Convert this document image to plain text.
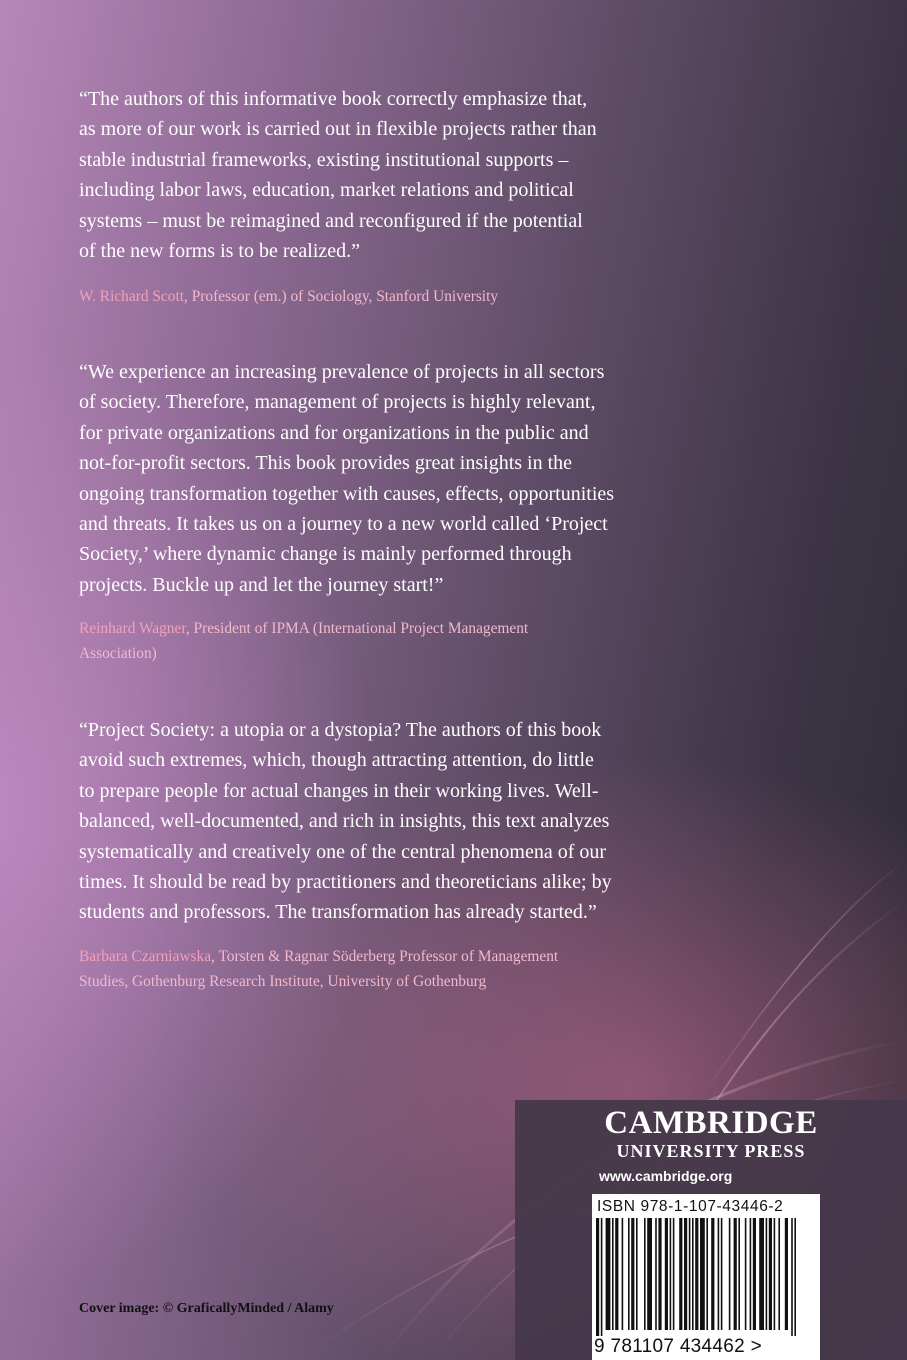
“The authors of this informative book correctly emphasize that,
as more of our work is carried out in flexible projects rather than
stable industrial frameworks, existing institutional supports –
including labor laws, education, market relations and political
systems – must be reimagined and reconfigured if the potential
of the new forms is to be realized.”

W. Richard Scott, Professor (em.) of Sociology, Stanford University

“We experience an increasing prevalence of projects in all sectors
of society. Therefore, management of projects is highly relevant,
for private organizations and for organizations in the public and
not-for-profit sectors. This book provides great insights in the
ongoing transformation together with causes, effects, opportunities
and threats. It takes us on a journey to a new world called ‘Project
Society,’ where dynamic change is mainly performed through
projects. Buckle up and let the journey start!”

Reinhard Wagner, President of IPMA (International Project Management
Association)

“Project Society: a utopia or a dystopia? The authors of this book
avoid such extremes, which, though attracting attention, do little
to prepare people for actual changes in their working lives. Well-
balanced, well-documented, and rich in insights, this text analyzes
systematically and creatively one of the central phenomena of our
times. It should be read by practitioners and theoreticians alike; by
students and professors. The transformation has already started.”

Barbara Czarniawska, Torsten & Ragnar Söderberg Professor of Management
Studies, Gothenburg Research Institute, University of Gothenburg

CAMBRIDGE
UNIVERSITY PRESS
www.cambridge.org
ISBN 978-1-107-43446-2
9 781107 434462 >
Cover image: © GraficallyMinded / Alamy
